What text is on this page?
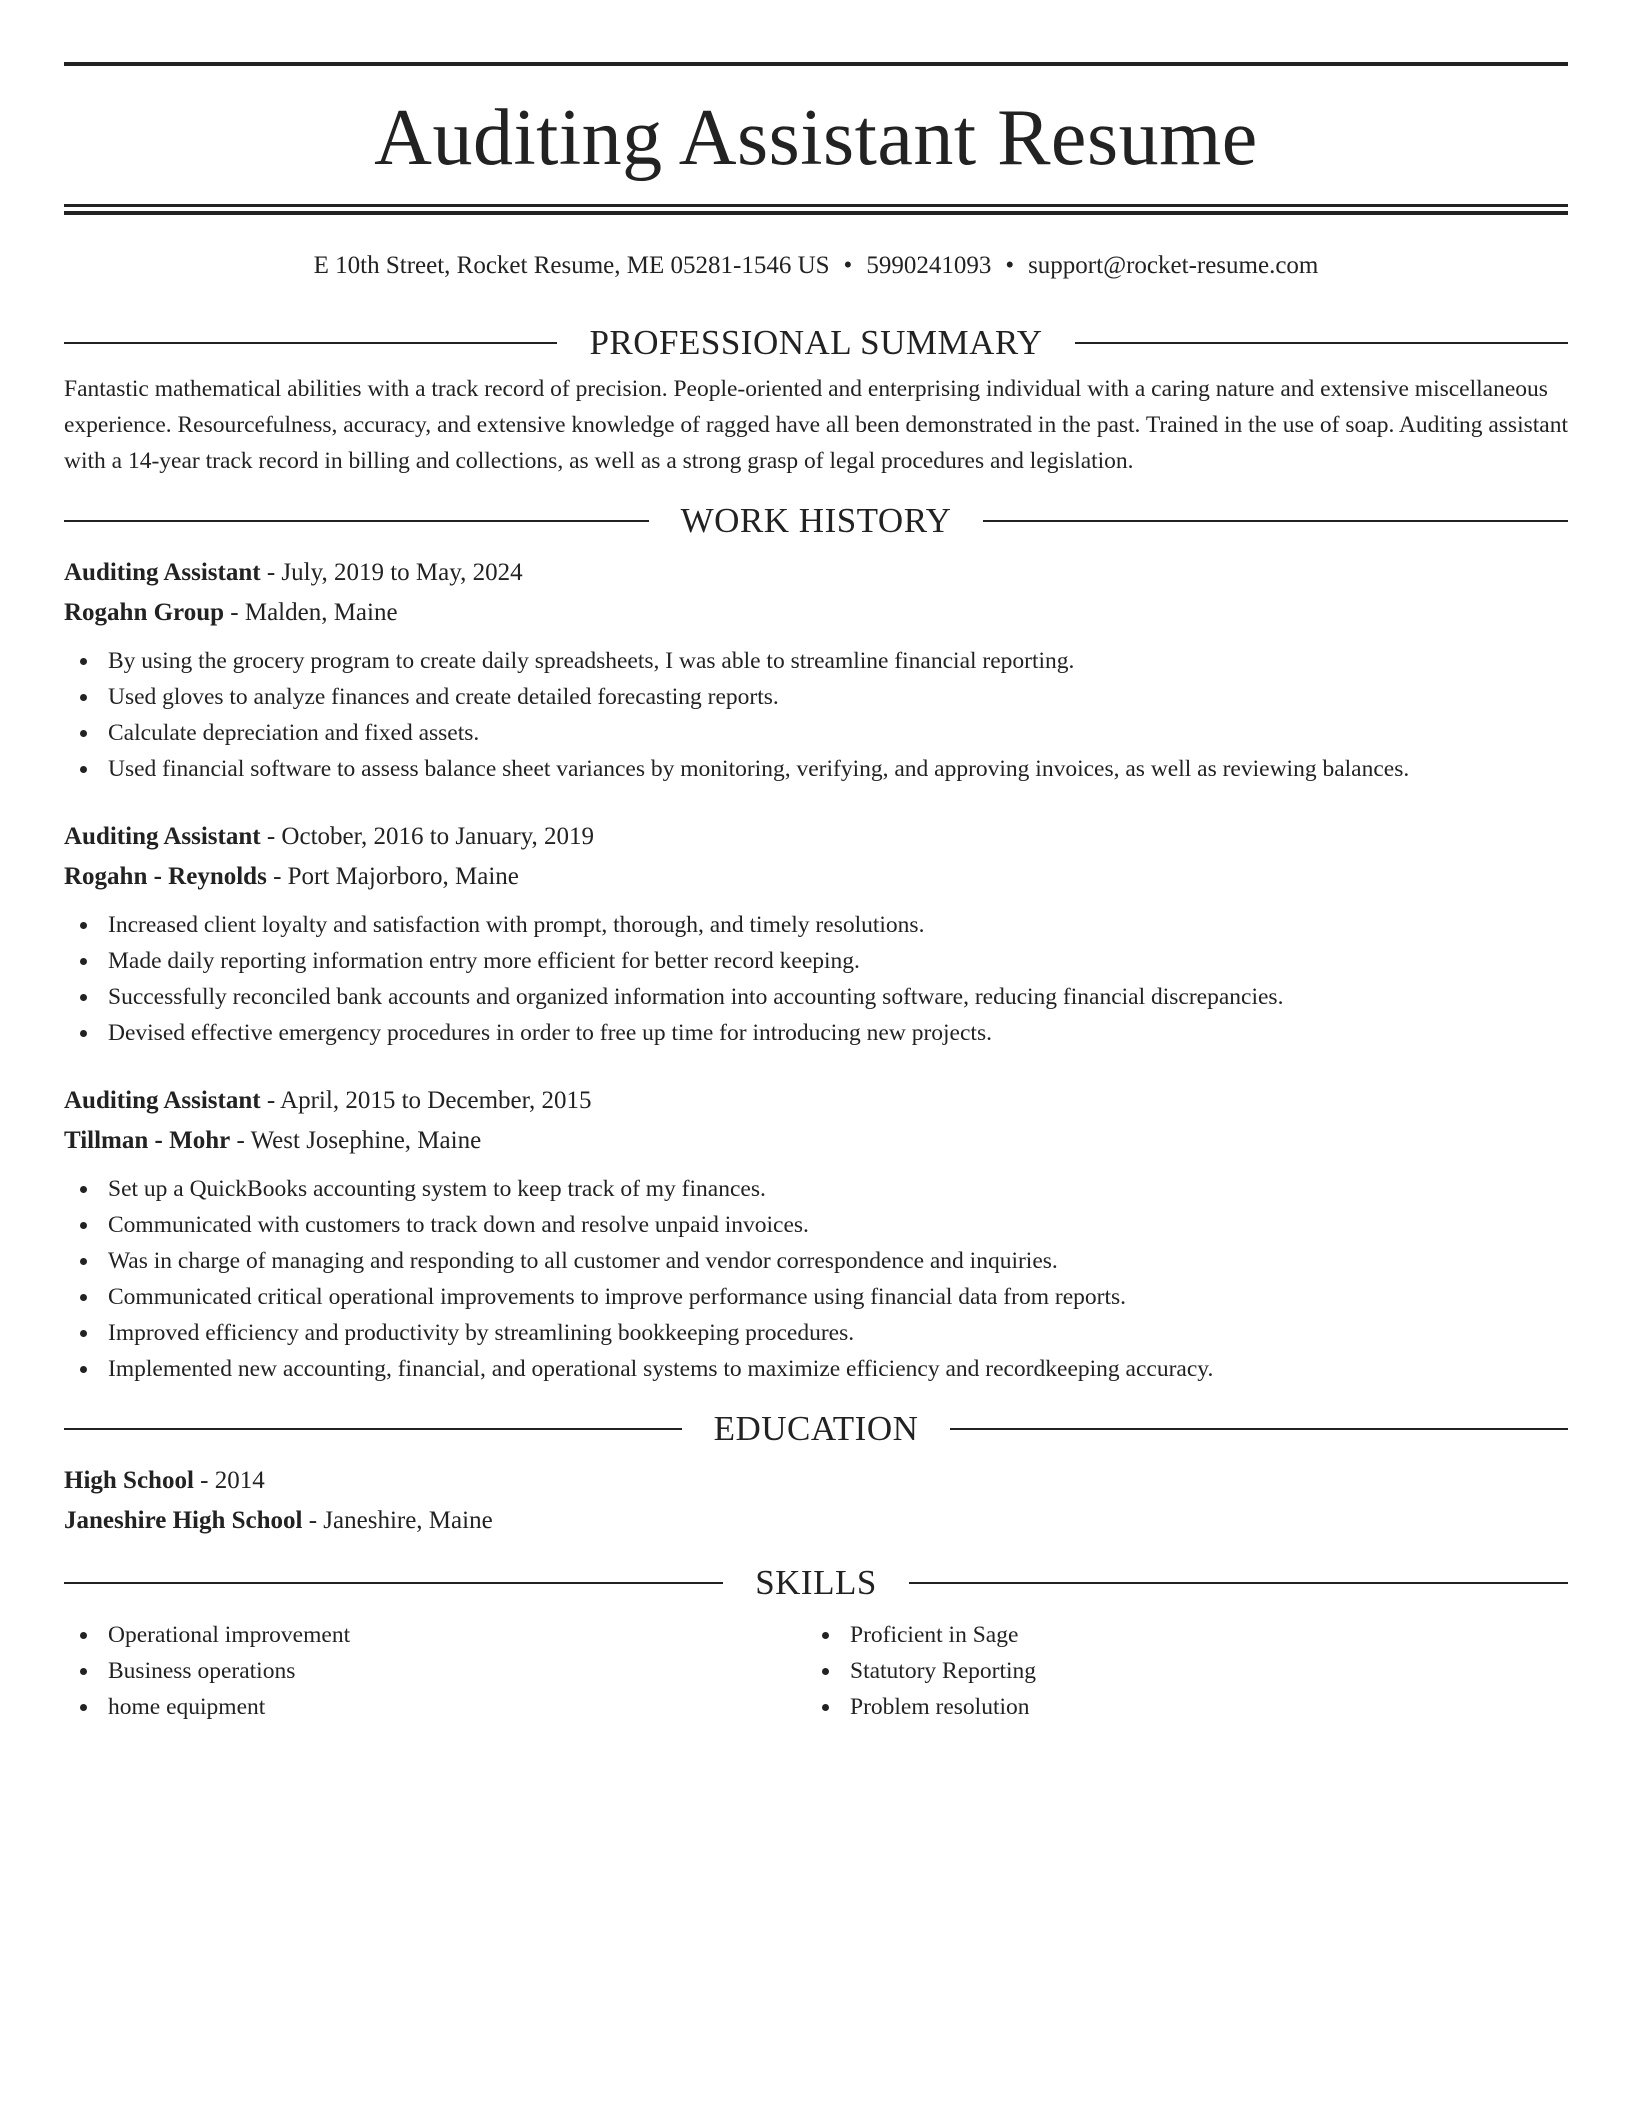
Auditing Assistant Resume
E 10th Street, Rocket Resume, ME 05281-1546 US • 5990241093 • support@rocket-resume.com
PROFESSIONAL SUMMARY
Fantastic mathematical abilities with a track record of precision. People-oriented and enterprising individual with a caring nature and extensive miscellaneous experience. Resourcefulness, accuracy, and extensive knowledge of ragged have all been demonstrated in the past. Trained in the use of soap. Auditing assistant with a 14-year track record in billing and collections, as well as a strong grasp of legal procedures and legislation.
WORK HISTORY
Auditing Assistant - July, 2019 to May, 2024
Rogahn Group - Malden, Maine
By using the grocery program to create daily spreadsheets, I was able to streamline financial reporting.
Used gloves to analyze finances and create detailed forecasting reports.
Calculate depreciation and fixed assets.
Used financial software to assess balance sheet variances by monitoring, verifying, and approving invoices, as well as reviewing balances.
Auditing Assistant - October, 2016 to January, 2019
Rogahn - Reynolds - Port Majorboro, Maine
Increased client loyalty and satisfaction with prompt, thorough, and timely resolutions.
Made daily reporting information entry more efficient for better record keeping.
Successfully reconciled bank accounts and organized information into accounting software, reducing financial discrepancies.
Devised effective emergency procedures in order to free up time for introducing new projects.
Auditing Assistant - April, 2015 to December, 2015
Tillman - Mohr - West Josephine, Maine
Set up a QuickBooks accounting system to keep track of my finances.
Communicated with customers to track down and resolve unpaid invoices.
Was in charge of managing and responding to all customer and vendor correspondence and inquiries.
Communicated critical operational improvements to improve performance using financial data from reports.
Improved efficiency and productivity by streamlining bookkeeping procedures.
Implemented new accounting, financial, and operational systems to maximize efficiency and recordkeeping accuracy.
EDUCATION
High School - 2014
Janeshire High School - Janeshire, Maine
SKILLS
Operational improvement
Business operations
home equipment
Proficient in Sage
Statutory Reporting
Problem resolution
